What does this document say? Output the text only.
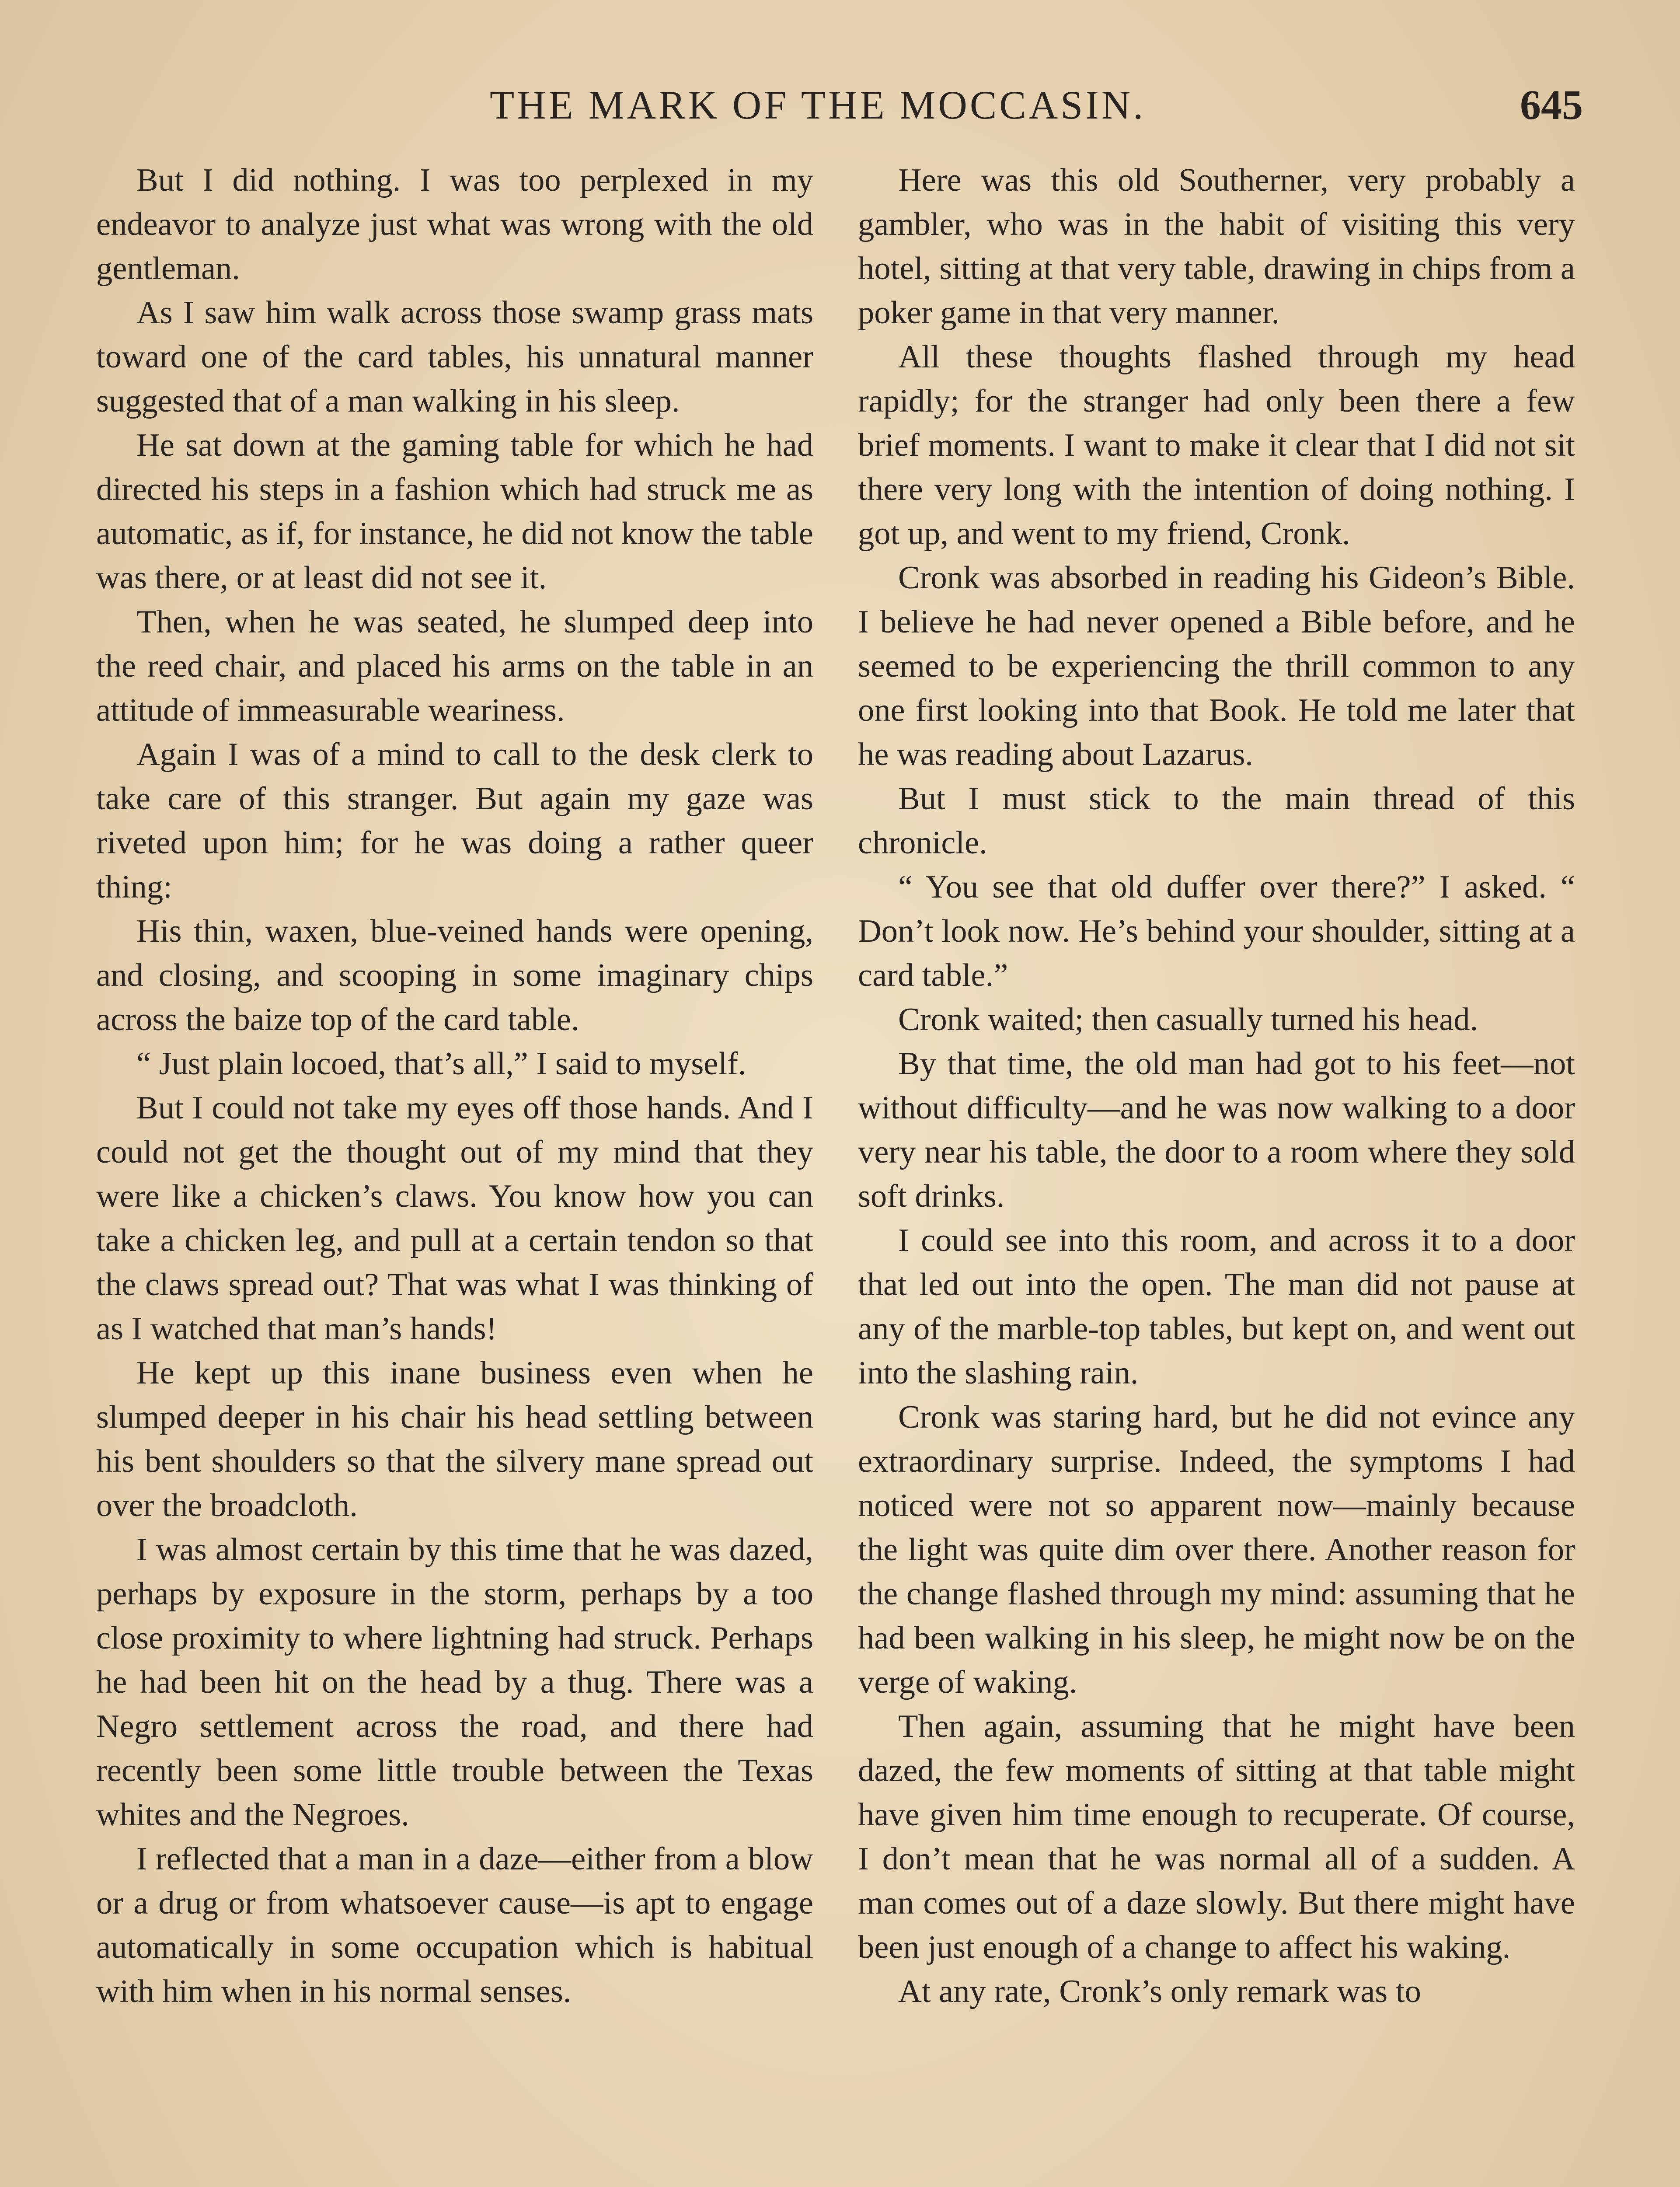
THE MARK OF THE MOCCASIN.	645

But I did nothing. I was too perplexed in my endeavor to analyze just what was wrong with the old gentleman.

As I saw him walk across those swamp grass mats toward one of the card tables, his unnatural manner suggested that of a man walking in his sleep.

He sat down at the gaming table for which he had directed his steps in a fashion which had struck me as automatic, as if, for instance, he did not know the table was there, or at least did not see it.

Then, when he was seated, he slumped deep into the reed chair, and placed his arms on the table in an attitude of immeasurable weariness.

Again I was of a mind to call to the desk clerk to take care of this stranger. But again my gaze was riveted upon him; for he was doing a rather queer thing:

His thin, waxen, blue-veined hands were opening, and closing, and scooping in some imaginary chips across the baize top of the card table.

“ Just plain locoed, that’s all,” I said to myself.

But I could not take my eyes off those hands. And I could not get the thought out of my mind that they were like a chicken’s claws. You know how you can take a chicken leg, and pull at a certain tendon so that the claws spread out? That was what I was thinking of as I watched that man’s hands!

He kept up this inane business even when he slumped deeper in his chair his head settling between his bent shoulders so that the silvery mane spread out over the broadcloth.

I was almost certain by this time that he was dazed, perhaps by exposure in the storm, perhaps by a too close proximity to where lightning had struck. Perhaps he had been hit on the head by a thug. There was a Negro settlement across the road, and there had recently been some little trouble between the Texas whites and the Negroes.

I reflected that a man in a daze—either from a blow or a drug or from whatsoever cause—is apt to engage automatically in some occupation which is habitual with him when in his normal senses.

Here was this old Southerner, very probably a gambler, who was in the habit of visiting this very hotel, sitting at that very table, drawing in chips from a poker game in that very manner.

All these thoughts flashed through my head rapidly; for the stranger had only been there a few brief moments. I want to make it clear that I did not sit there very long with the intention of doing nothing. I got up, and went to my friend, Cronk.

Cronk was absorbed in reading his Gideon’s Bible. I believe he had never opened a Bible before, and he seemed to be experiencing the thrill common to any one first looking into that Book. He told me later that he was reading about Lazarus.

But I must stick to the main thread of this chronicle.

“ You see that old duffer over there?” I asked. “ Don’t look now. He’s behind your shoulder, sitting at a card table.”

Cronk waited; then casually turned his head.

By that time, the old man had got to his feet—not without difficulty—and he was now walking to a door very near his table, the door to a room where they sold soft drinks.

I could see into this room, and across it to a door that led out into the open. The man did not pause at any of the marble-top tables, but kept on, and went out into the slashing rain.

Cronk was staring hard, but he did not evince any extraordinary surprise. Indeed, the symptoms I had noticed were not so apparent now—mainly because the light was quite dim over there. Another reason for the change flashed through my mind: assuming that he had been walking in his sleep, he might now be on the verge of waking.

Then again, assuming that he might have been dazed, the few moments of sitting at that table might have given him time enough to recuperate. Of course, I don’t mean that he was normal all of a sudden. A man comes out of a daze slowly. But there might have been just enough of a change to affect his waking.

At any rate, Cronk’s only remark was to
